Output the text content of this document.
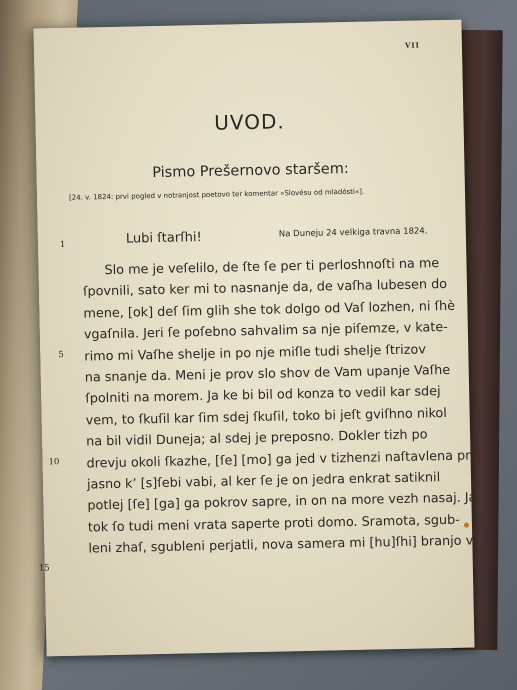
VII
UVOD.
Pismo Prešernovo staršem:
[24. v. 1824: prvi pogled v notranjost poetovo ter komentar »Slovésu od mladósti«].
1	Lubi ſtarſhi!	Na Duneju 24 velkiga travna 1824.
5
10
15
Slo me je veſelilo, de ſte ſe per ti perloshnoſti na me
ſpovnili, sato ker mi to nasnanje da, de vaſha lubesen do
mene, [ok] deſ ſim glih she tok dolgo od Vaſ lozhen, ni ſhè
vgaſnila. Jeri ſe poſebno sahvalim sa nje piſemze, v kate-
rimo mi Vaſhe shelje in po nje miſle tudi shelje ſtrizov
na snanje da. Meni je prov slo shov de Vam upanje Vaſhe
ſpolniti na morem. Ja ke bi bil od konza to vedil kar sdej
vem, to ſkuſil kar ſim sdej ſkuſil, toko bi jeſt gviſhno nikol
na bil vidil Duneja; al sdej je preposno. Dokler tizh po
drevju okoli ſkazhe, [ſe] [mo] ga jed v tizhenzi naſtavlena pri-
jasno k’ [s]ſebi vabi, al ker ſe je on jedra enkrat satiknil
potlej [ſe] [ga] ga pokrov sapre, in on na more vezh nasaj. Ja
tok ſo tudi meni vrata saperte proti domo. Sramota, sgub-
leni zhaſ, sgubleni perjatli, nova samera mi [hu]ſhi] branjo v
